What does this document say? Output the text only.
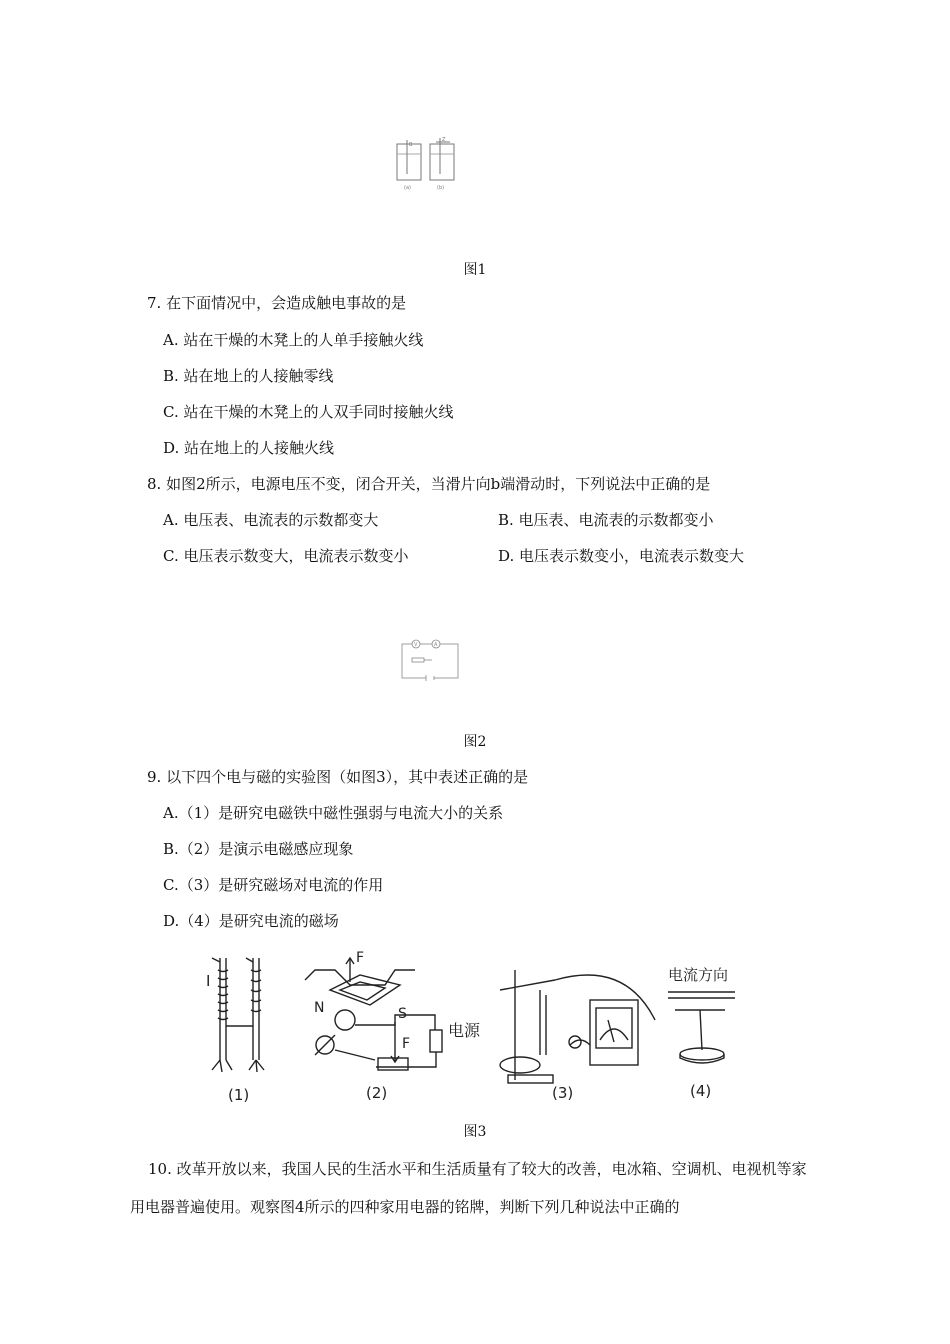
B
Z
(a)	(b)
图1
7. 在下面情况中，会造成触电事故的是
A. 站在干燥的木凳上的人单手接触火线
B. 站在地上的人接触零线
C. 站在干燥的木凳上的人双手同时接触火线
D. 站在地上的人接触火线
8. 如图2所示，电源电压不变，闭合开关，当滑片向b端滑动时，下列说法中正确的是
A. 电压表、电流表的示数都变大	B. 电压表、电流表的示数都变小
C. 电压表示数变大，电流表示数变小	D. 电压表示数变小，电流表示数变大
V	A
图2
9. 以下四个电与磁的实验图（如图3），其中表述正确的是
A.（1）是研究电磁铁中磁性强弱与电流大小的关系
B.（2）是演示电磁感应现象
C.（3）是研究磁场对电流的作用
D.（4）是研究电流的磁场
I
F
N	S
F
电源
电流方向
(1)	(2)	(3)	(4)
图3
10. 改革开放以来，我国人民的生活水平和生活质量有了较大的改善，电冰箱、空调机、电视机等家用电器普遍使用。观察图4所示的四种家用电器的铭牌，判断下列几种说法中正确的
